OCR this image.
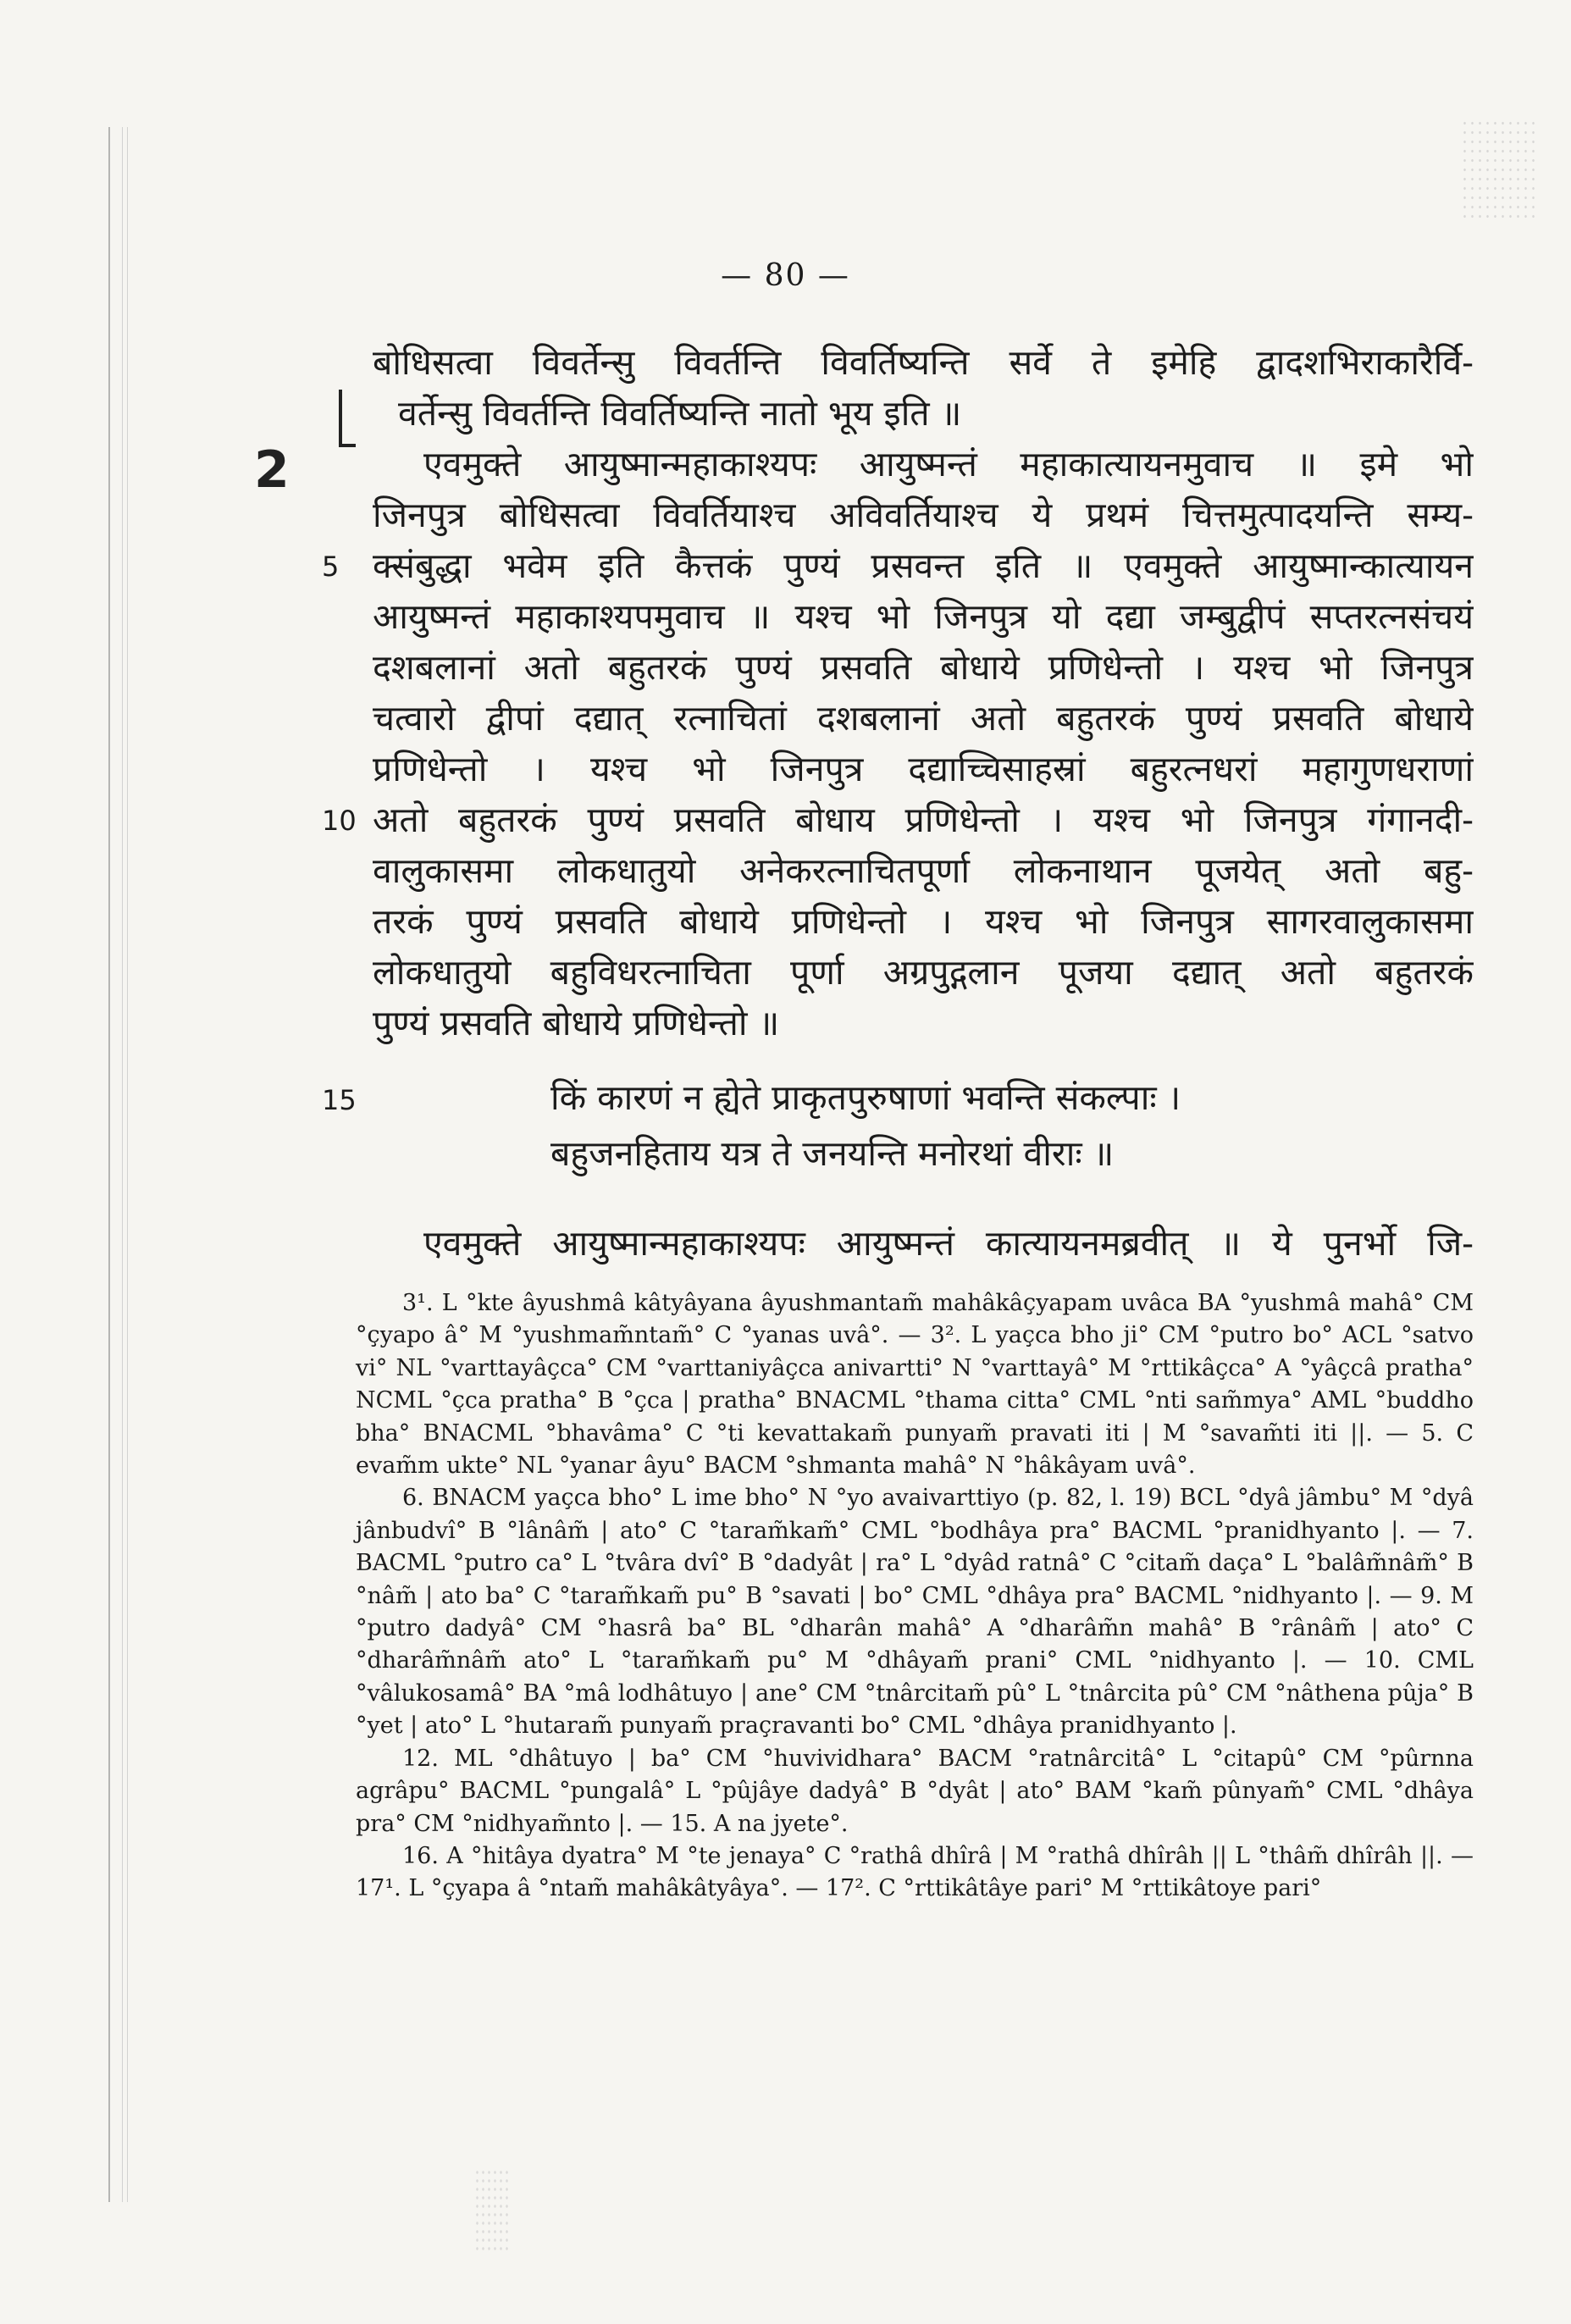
— 80 —
2
बोधिसत्वा विवर्तेन्सु विवर्तन्ति विवर्तिष्यन्ति सर्वे ते इमेहि द्वादशभिराकारैर्वि-
वर्तेन्सु विवर्तन्ति विवर्तिष्यन्ति नातो भूय इति ॥
एवमुक्ते आयुष्मान्महाकाश्यपः आयुष्मन्तं महाकात्यायनमुवाच ॥ इमे भो
जिनपुत्र बोधिसत्वा विवर्तियाश्च अविवर्तियाश्च ये प्रथमं चित्तमुत्पादयन्ति सम्य-
क्संबुद्धा भवेम इति कैत्तकं पुण्यं प्रसवन्त इति ॥ एवमुक्ते आयुष्मान्कात्यायन
आयुष्मन्तं महाकाश्यपमुवाच ॥ यश्च भो जिनपुत्र यो दद्या जम्बुद्वीपं सप्तरत्नसंचयं
दशबलानां अतो बहुतरकं पुण्यं प्रसवति बोधाये प्रणिधेन्तो । यश्च भो जिनपुत्र
चत्वारो द्वीपां दद्यात् रत्नाचितां दशबलानां अतो बहुतरकं पुण्यं प्रसवति बोधाये
प्रणिधेन्तो । यश्च भो जिनपुत्र दद्याच्चिसाहस्रां बहुरत्नधरां महागुणधराणां
अतो बहुतरकं पुण्यं प्रसवति बोधाय प्रणिधेन्तो । यश्च भो जिनपुत्र गंगानदी-
वालुकासमा लोकधातुयो अनेकरत्नाचितपूर्णा लोकनाथान पूजयेत् अतो बहु-
तरकं पुण्यं प्रसवति बोधाये प्रणिधेन्तो । यश्च भो जिनपुत्र सागरवालुकासमा
लोकधातुयो बहुविधरत्नाचिता पूर्णा अग्रपुद्गलान पूजया दद्यात् अतो बहुतरकं
पुण्यं प्रसवति बोधाये प्रणिधेन्तो ॥
5
10
15	किं कारणं न ह्येते प्राकृतपुरुषाणां भवन्ति संकल्पाः ।
बहुजनहिताय यत्र ते जनयन्ति मनोरथां वीराः ॥
एवमुक्ते आयुष्मान्महाकाश्यपः आयुष्मन्तं कात्यायनमब्रवीत् ॥ ये पुनर्भो जि-

3¹. L °kte âyushmâ kâtyâyana âyushmantam̃ mahâkâçyapam uvâca BA °yushmâ mahâ° CM °çyapo â° M °yushmam̃ntam̃° C °yanas uvâ°. — 3². L yaçca bho ji° CM °putro bo° ACL °satvo vi° NL °varttayâçca° CM °varttaniyâçca anivartti° N °varttayâ° M °rttikâçca° A °yâçcâ pratha° NCML °çca pratha° B °çca | pratha° BNACML °thama citta° CML °nti sam̃mya° AML °buddho bha° BNACML °bhavâma° C °ti kevattakam̃ punyam̃ pravati iti | M °savam̃ti iti ||. — 5. C evam̃m ukte° NL °yanar âyu° BACM °shmanta mahâ° N °hâkâyam uvâ°.

6. BNACM yaçca bho° L ime bho° N °yo avaivarttiyo (p. 82, l. 19) BCL °dyâ jâmbu° M °dyâ jânbudvî° B °lânâm̃ | ato° C °taram̃kam̃° CML °bodhâya pra° BACML °pranidhyanto |. — 7. BACML °putro ca° L °tvâra dvî° B °dadyât | ra° L °dyâd ratnâ° C °citam̃ daça° L °balâm̃nâm̃° B °nâm̃ | ato ba° C °taram̃kam̃ pu° B °savati | bo° CML °dhâya pra° BACML °nidhyanto |. — 9. M °putro dadyâ° CM °hasrâ ba° BL °dharân mahâ° A °dharâm̃n mahâ° B °rânâm̃ | ato° C °dharâm̃nâm̃ ato° L °taram̃kam̃ pu° M °dhâyam̃ prani° CML °nidhyanto |. — 10. CML °vâlukosamâ° BA °mâ lodhâtuyo | ane° CM °tnârcitam̃ pû° L °tnârcita pû° CM °nâthena pûja° B °yet | ato° L °hutaram̃ punyam̃ praçravanti bo° CML °dhâya pranidhyanto |.

12. ML °dhâtuyo | ba° CM °huvividhara° BACM °ratnârcitâ° L °citapû° CM °pûrnna agrâpu° BACML °pungalâ° L °pûjâye dadyâ° B °dyât | ato° BAM °kam̃ pûnyam̃° CML °dhâya pra° CM °nidhyam̃nto |. — 15. A na jyete°.

16. A °hitâya dyatra° M °te jenaya° C °rathâ dhîrâ | M °rathâ dhîrâh || L °thâm̃ dhîrâh ||. — 17¹. L °çyapa â °ntam̃ mahâkâtyâya°. — 17². C °rttikâtâye pari° M °rttikâtoye pari°
